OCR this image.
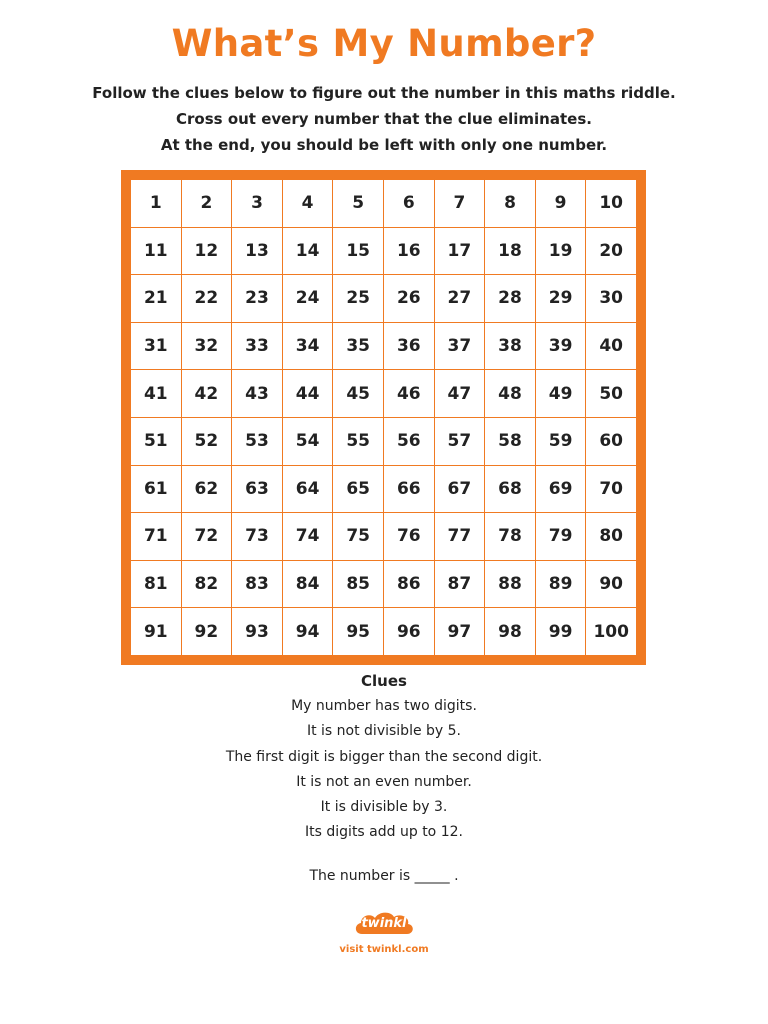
What’s My Number?
Follow the clues below to figure out the number in this maths riddle.
Cross out every number that the clue eliminates.
At the end, you should be left with only one number.
1	2	3	4	5	6	7	8	9	10
11	12	13	14	15	16	17	18	19	20
21	22	23	24	25	26	27	28	29	30
31	32	33	34	35	36	37	38	39	40
41	42	43	44	45	46	47	48	49	50
51	52	53	54	55	56	57	58	59	60
61	62	63	64	65	66	67	68	69	70
71	72	73	74	75	76	77	78	79	80
81	82	83	84	85	86	87	88	89	90
91	92	93	94	95	96	97	98	99	100
Clues
My number has two digits.
It is not divisible by 5.
The first digit is bigger than the second digit.
It is not an even number.
It is divisible by 3.
Its digits add up to 12.
The number is _____ .
twinkl
visit twinkl.com
